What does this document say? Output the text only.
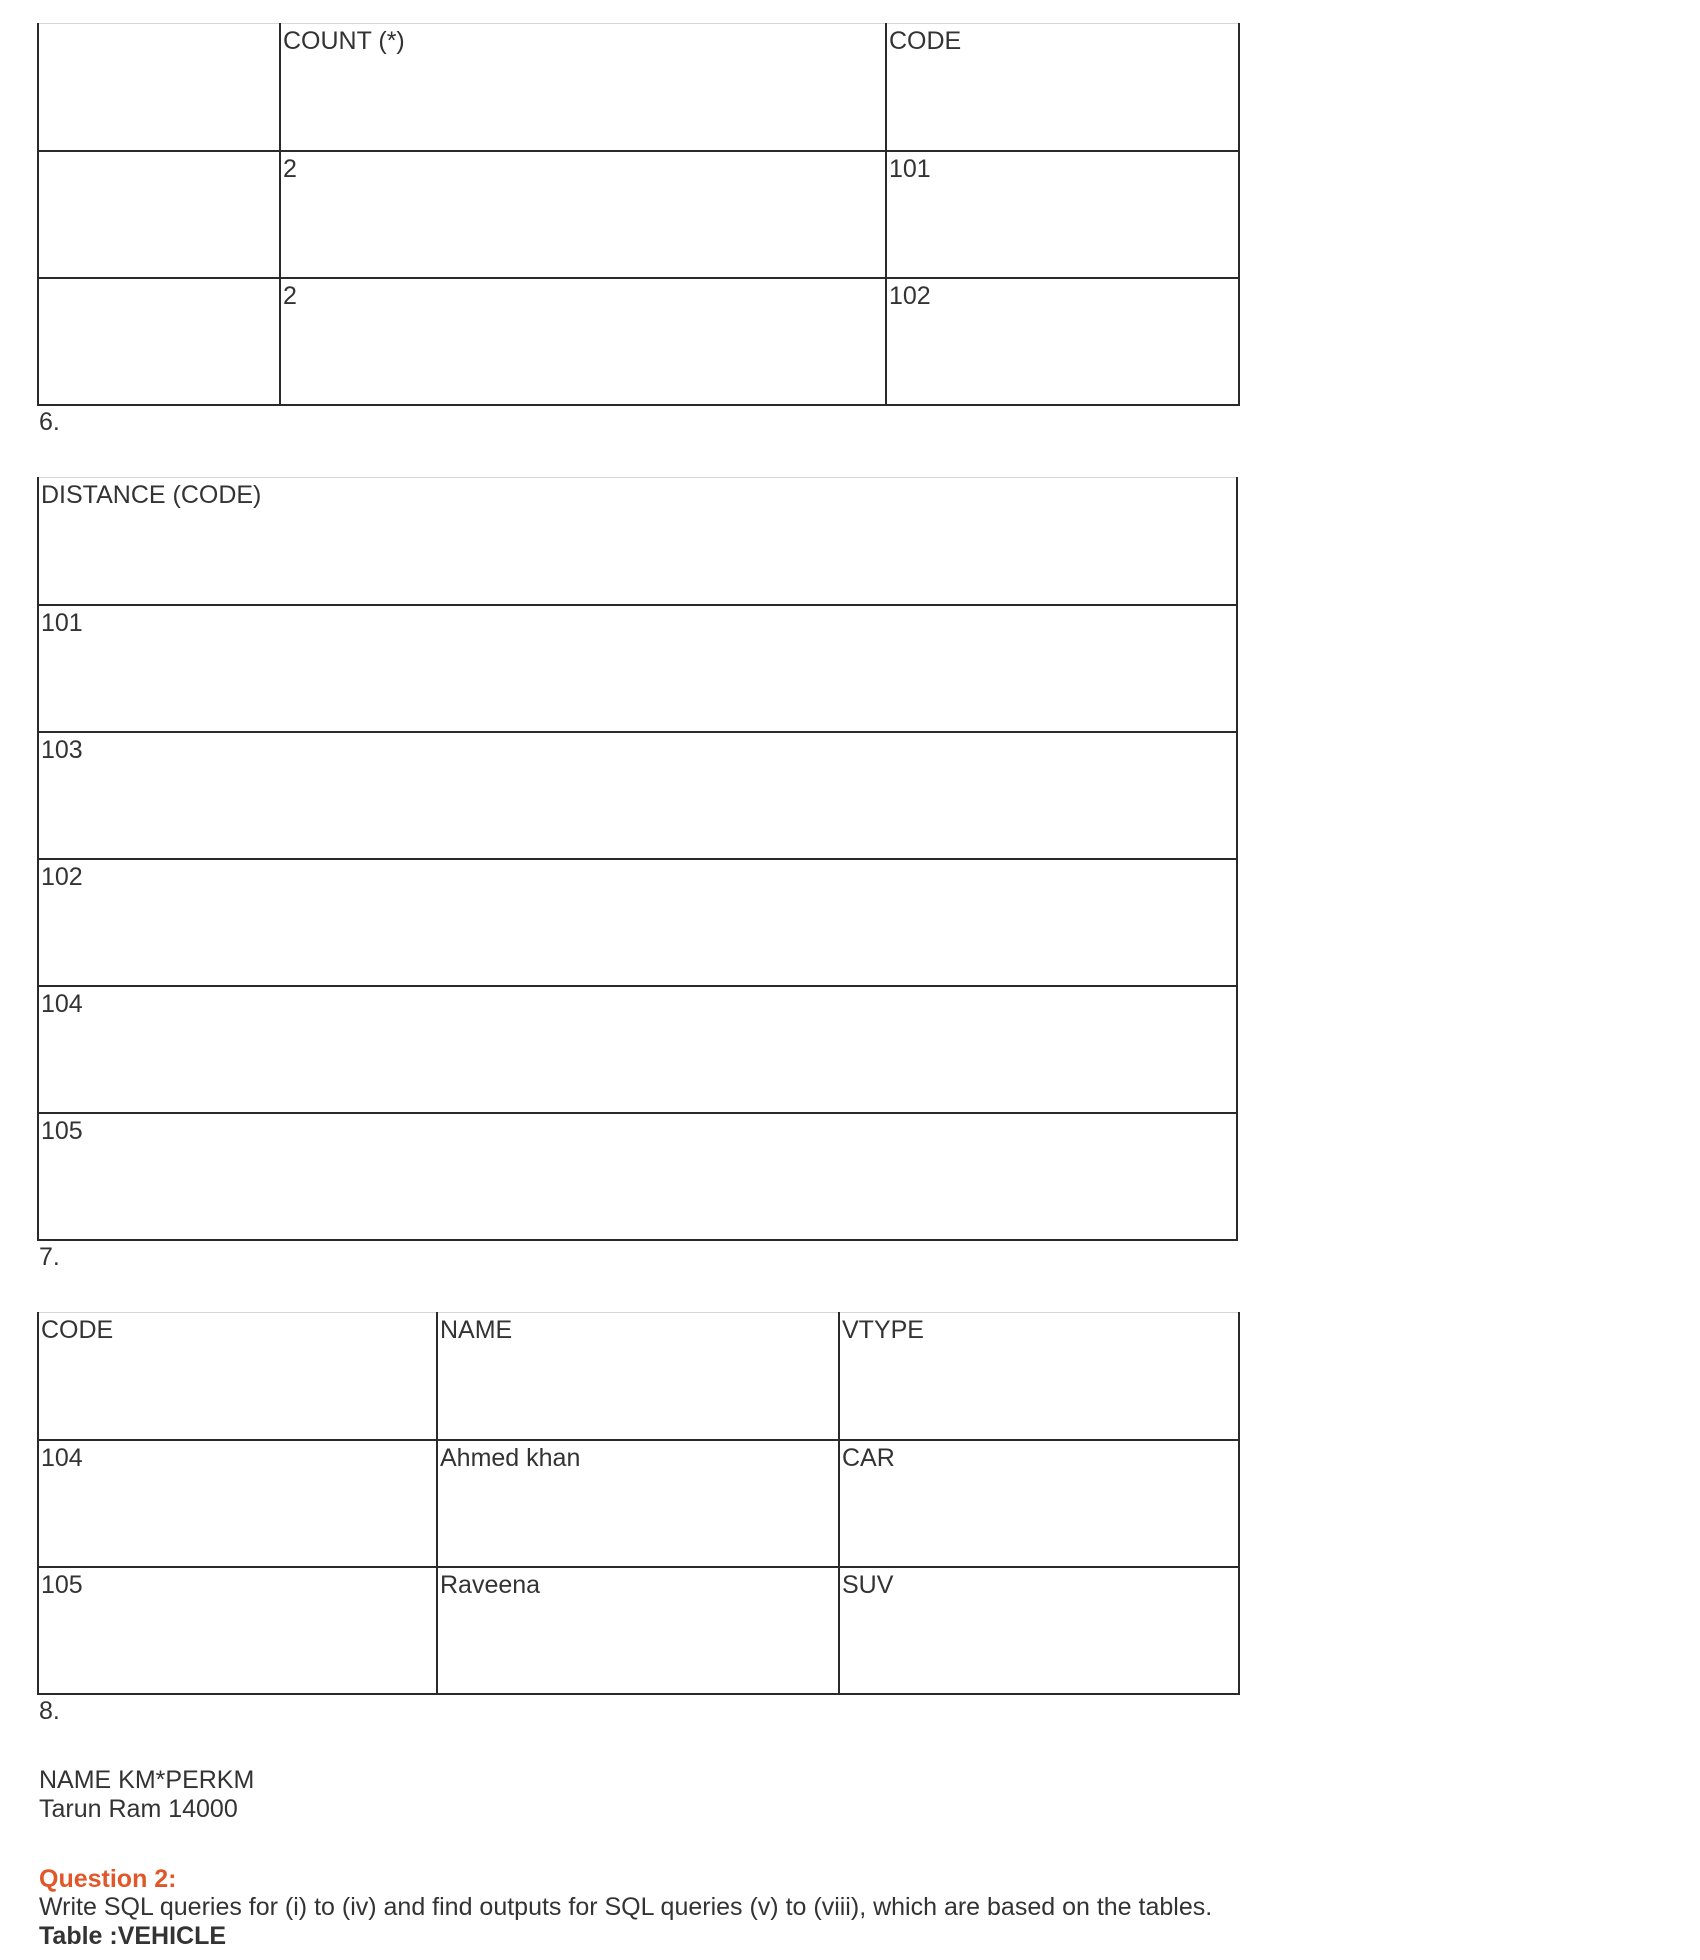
	COUNT (*)	CODE

	2	101

	2	102
6.
DISTANCE (CODE)

101

103

102

104

105
7.
CODE	NAME	VTYPE

104	Ahmed khan	CAR

105	Raveena	SUV
8.
NAME KM*PERKM
Tarun Ram 14000
Question 2:
Write SQL queries for (i) to (iv) and find outputs for SQL queries (v) to (viii), which are based on the tables.
Table :VEHICLE
